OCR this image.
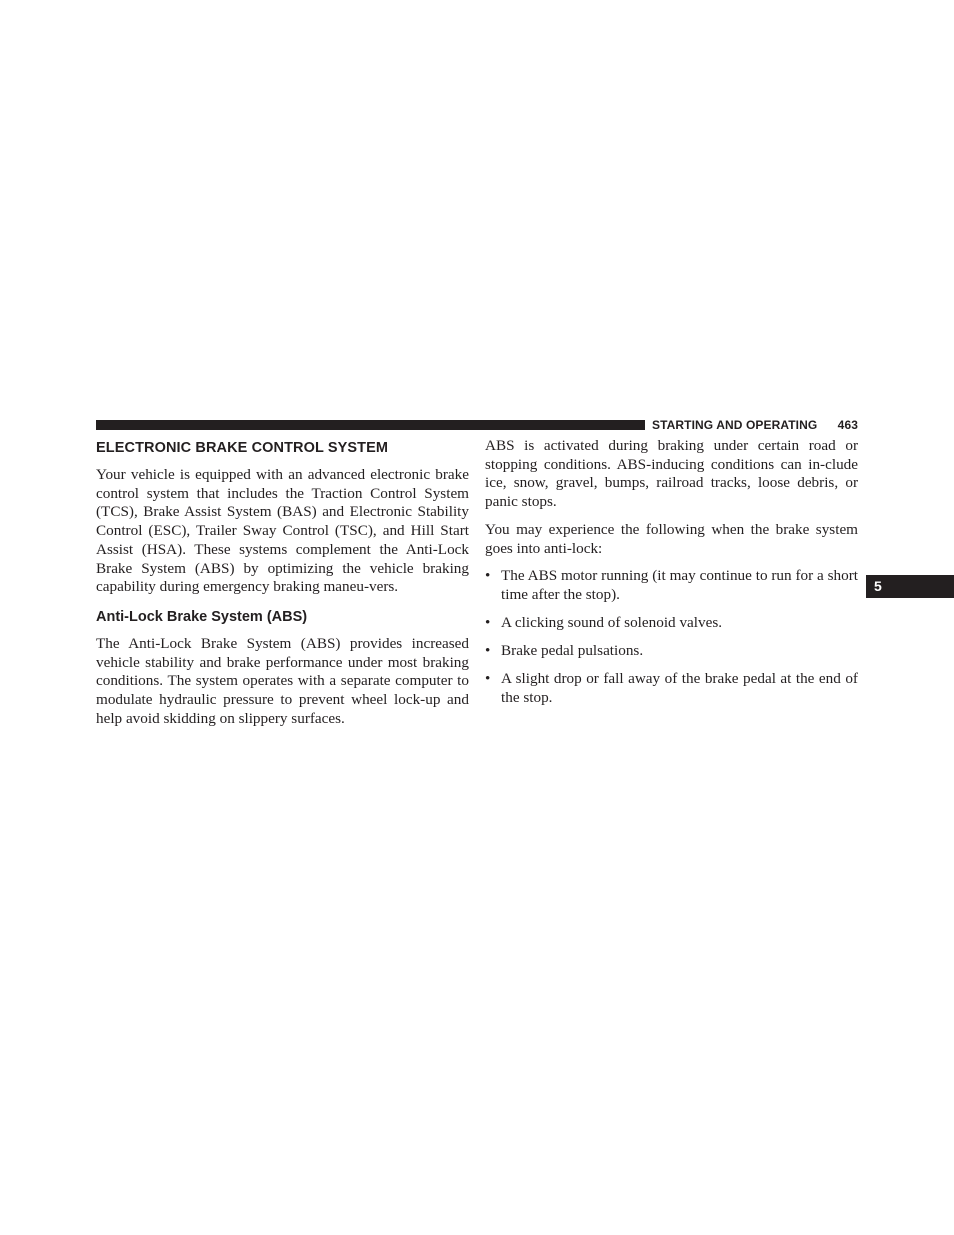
STARTING AND OPERATING 463
5
ELECTRONIC BRAKE CONTROL SYSTEM

Your vehicle is equipped with an advanced electronic brake control system that includes the Traction Control System (TCS), Brake Assist System (BAS) and Electronic Stability Control (ESC), Trailer Sway Control (TSC), and Hill Start Assist (HSA). These systems complement the Anti-Lock Brake System (ABS) by optimizing the vehicle braking capability during emergency braking maneu-vers.

Anti-Lock Brake System (ABS)

The Anti-Lock Brake System (ABS) provides increased vehicle stability and brake performance under most braking conditions. The system operates with a separate computer to modulate hydraulic pressure to prevent wheel lock-up and help avoid skidding on slippery surfaces.

ABS is activated during braking under certain road or stopping conditions. ABS-inducing conditions can in-clude ice, snow, gravel, bumps, railroad tracks, loose debris, or panic stops.

You may experience the following when the brake system goes into anti-lock:

• The ABS motor running (it may continue to run for a short time after the stop).
• A clicking sound of solenoid valves.
• Brake pedal pulsations.
• A slight drop or fall away of the brake pedal at the end of the stop.
